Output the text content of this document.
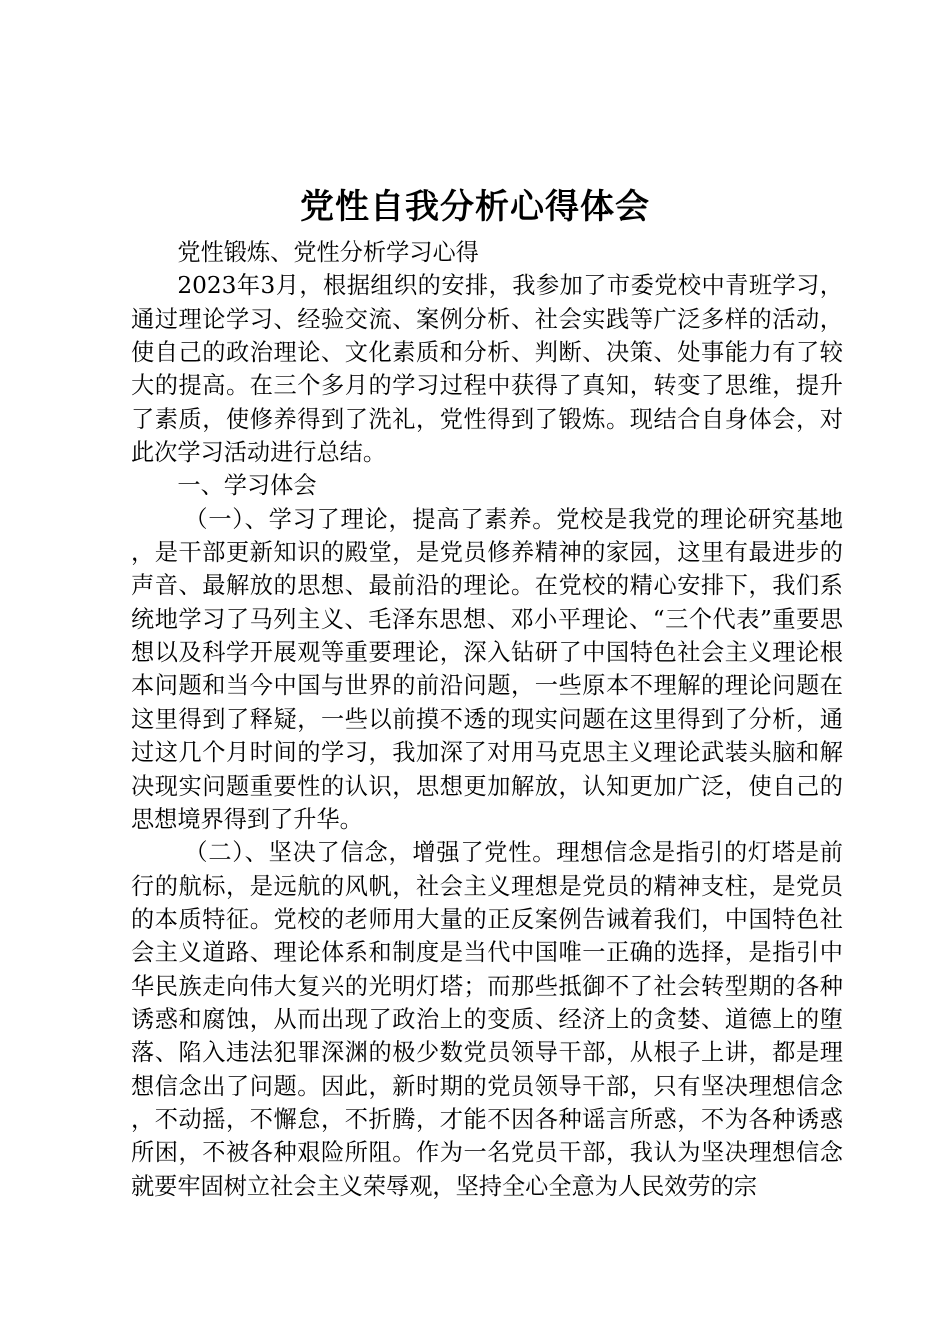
党性自我分析心得体会

党性锻炼、党性分析学习心得

2023年3月，根据组织的安排，我参加了市委党校中青班学习，通过理论学习、经验交流、案例分析、社会实践等广泛多样的活动，使自己的政治理论、文化素质和分析、判断、决策、处事能力有了较大的提高。在三个多月的学习过程中获得了真知，转变了思维，提升了素质，使修养得到了洗礼，党性得到了锻炼。现结合自身体会，对此次学习活动进行总结。

一、学习体会

（一）、学习了理论，提高了素养。党校是我党的理论研究基地，是干部更新知识的殿堂，是党员修养精神的家园，这里有最进步的声音、最解放的思想、最前沿的理论。在党校的精心安排下，我们系统地学习了马列主义、毛泽东思想、邓小平理论、“三个代表”重要思想以及科学开展观等重要理论，深入钻研了中国特色社会主义理论根本问题和当今中国与世界的前沿问题，一些原本不理解的理论问题在这里得到了释疑，一些以前摸不透的现实问题在这里得到了分析，通过这几个月时间的学习，我加深了对用马克思主义理论武装头脑和解决现实问题重要性的认识，思想更加解放，认知更加广泛，使自己的思想境界得到了升华。

（二）、坚决了信念，增强了党性。理想信念是指引的灯塔是前行的航标，是远航的风帆，社会主义理想是党员的精神支柱，是党员的本质特征。党校的老师用大量的正反案例告诫着我们，中国特色社会主义道路、理论体系和制度是当代中国唯一正确的选择，是指引中华民族走向伟大复兴的光明灯塔；而那些抵御不了社会转型期的各种诱惑和腐蚀，从而出现了政治上的变质、经济上的贪婪、道德上的堕落、陷入违法犯罪深渊的极少数党员领导干部，从根子上讲，都是理想信念出了问题。因此，新时期的党员领导干部，只有坚决理想信念，不动摇，不懈怠，不折腾，才能不因各种谣言所惑，不为各种诱惑所困，不被各种艰险所阻。作为一名党员干部，我认为坚决理想信念就要牢固树立社会主义荣辱观，坚持全心全意为人民效劳的宗
